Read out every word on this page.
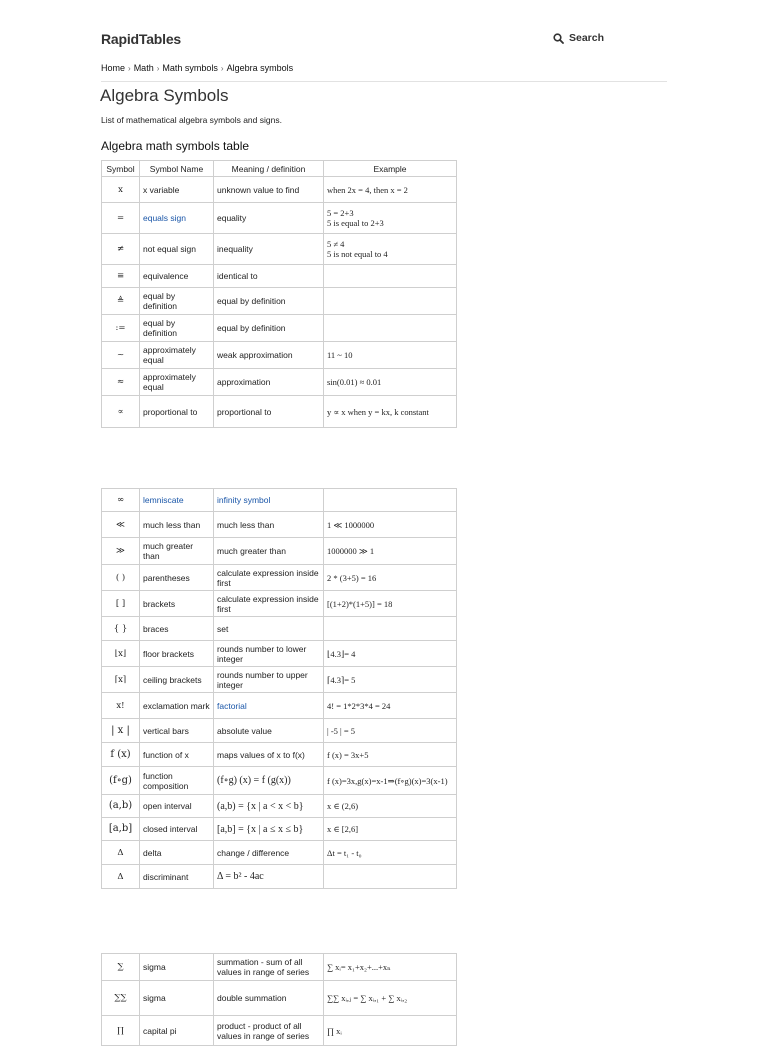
RapidTables	Search
Home › Math › Math symbols › Algebra symbols
Algebra Symbols

List of mathematical algebra symbols and signs.

Algebra math symbols table
Symbol	Symbol Name	Meaning / definition	Example
x	x variable	unknown value to find	when 2x = 4, then x = 2
=	equals sign	equality	5 = 2+3
5 is equal to 2+3
≠	not equal sign	inequality	5 ≠ 4
5 is not equal to 4
≡	equivalence	identical to	
≜	equal by definition	equal by definition	
:=	equal by definition	equal by definition	
~	approximately equal	weak approximation	11 ~ 10
≈	approximately equal	approximation	sin(0.01) ≈ 0.01
∝	proportional to	proportional to	y ∝ x when y = kx, k constant
∞	lemniscate	infinity symbol	
≪	much less than	much less than	1 ≪ 1000000
≫	much greater than	much greater than	1000000 ≫ 1
( )	parentheses	calculate expression inside first	2 * (3+5) = 16
[ ]	brackets	calculate expression inside first	[(1+2)*(1+5)] = 18
{ }	braces	set	
⌊x⌋	floor brackets	rounds number to lower integer	⌊4.3⌋= 4
⌈x⌉	ceiling brackets	rounds number to upper integer	⌈4.3⌉= 5
x!	exclamation mark	factorial	4! = 1*2*3*4 = 24
| x |	vertical bars	absolute value	| -5 | = 5
f (x)	function of x	maps values of x to f(x)	f (x) = 3x+5
(f∘g)	function composition	(f∘g) (x) = f (g(x))	f (x)=3x,g(x)=x-1⇒(f∘g)(x)=3(x-1)
(a,b)	open interval	(a,b) = {x | a < x < b}	x ∈ (2,6)
[a,b]	closed interval	[a,b] = {x | a ≤ x ≤ b}	x ∈ [2,6]
Δ	delta	change / difference	Δt = t₁ - t₀
Δ	discriminant	Δ = b² - 4ac	
∑	sigma	summation - sum of all values in range of series	∑ xᵢ= x₁+x₂+...+xₙ
∑∑	sigma	double summation	∑∑ xᵢ,ⱼ = ∑ xᵢ,₁ + ∑ xᵢ,₂
∏	capital pi	product - product of all values in range of series	∏ xᵢ
